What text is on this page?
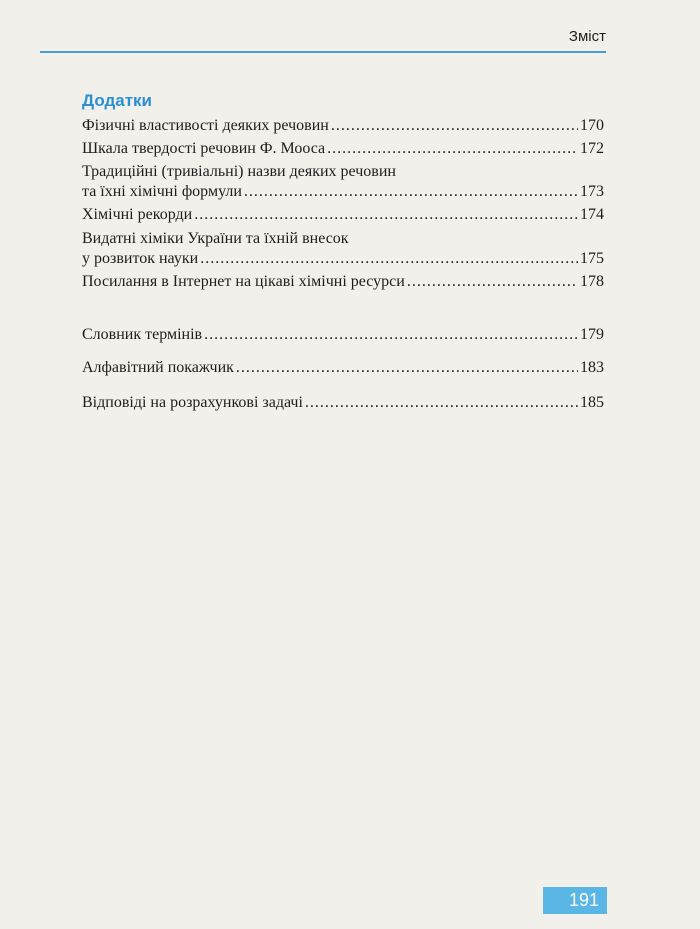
Зміст
Додатки
Фізичні властивості деяких речовин .....	170
Шкала твердості речовин Ф. Мооса .....	172
Традиційні (тривіальні) назви деяких речовин
та їхні хімічні формули .....	173
Хімічні рекорди .....	174
Видатні хіміки України та їхній внесок
у розвиток науки .....	175
Посилання в Інтернет на цікаві хімічні ресурси .....	178
Словник термінів .....	179
Алфавітний покажчик .....	183
Відповіді на розрахункові задачі .....	185
191
